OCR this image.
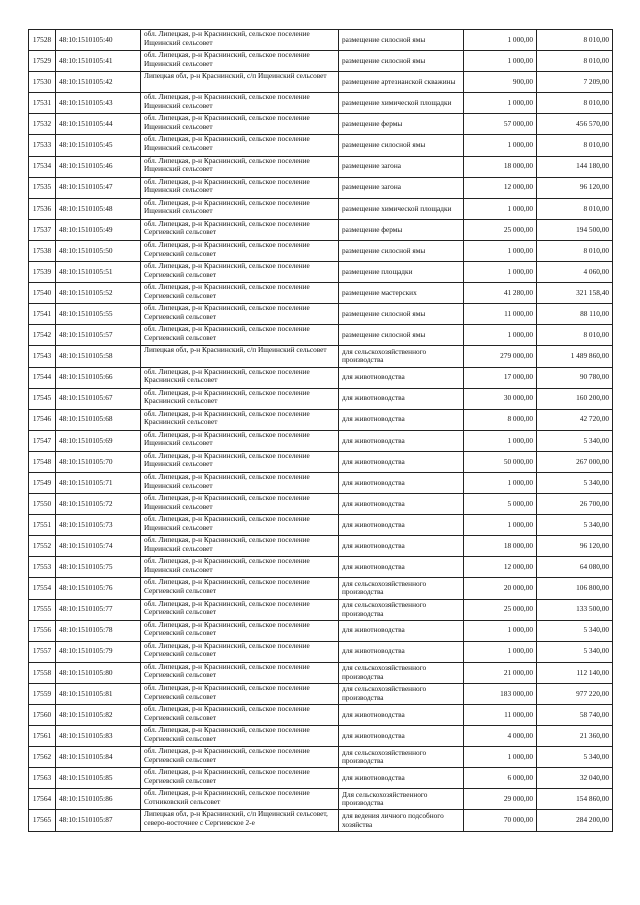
17528	48:10:1510105:40	обл. Липецкая, р-н Краснинский, сельское поселение Ищеинский сельсовет	размещение силосной ямы	1 000,00	8 010,00
17529	48:10:1510105:41	обл. Липецкая, р-н Краснинский, сельское поселение Ищеинский сельсовет	размещение силосной ямы	1 000,00	8 010,00
17530	48:10:1510105:42	Липецкая обл, р-н Краснинский, с/п Ищеинский сельсовет	размещение артезианской скважины	900,00	7 209,00
17531	48:10:1510105:43	обл. Липецкая, р-н Краснинский, сельское поселение Ищеинский сельсовет	размещение химической площадки	1 000,00	8 010,00
17532	48:10:1510105:44	обл. Липецкая, р-н Краснинский, сельское поселение Ищеинский сельсовет	размещение фермы	57 000,00	456 570,00
17533	48:10:1510105:45	обл. Липецкая, р-н Краснинский, сельское поселение Ищеинский сельсовет	размещение силосной ямы	1 000,00	8 010,00
17534	48:10:1510105:46	обл. Липецкая, р-н Краснинский, сельское поселение Ищеинский сельсовет	размещение загона	18 000,00	144 180,00
17535	48:10:1510105:47	обл. Липецкая, р-н Краснинский, сельское поселение Ищеинский сельсовет	размещение загона	12 000,00	96 120,00
17536	48:10:1510105:48	обл. Липецкая, р-н Краснинский, сельское поселение Ищеинский сельсовет	размещение химической площадки	1 000,00	8 010,00
17537	48:10:1510105:49	обл. Липецкая, р-н Краснинский, сельское поселение Сергиевский сельсовет	размещение фермы	25 000,00	194 500,00
17538	48:10:1510105:50	обл. Липецкая, р-н Краснинский, сельское поселение Сергиевский сельсовет	размещение силосной ямы	1 000,00	8 010,00
17539	48:10:1510105:51	обл. Липецкая, р-н Краснинский, сельское поселение Сергиевский сельсовет	размещение площадки	1 000,00	4 060,00
17540	48:10:1510105:52	обл. Липецкая, р-н Краснинский, сельское поселение Сергиевский сельсовет	размещение мастерских	41 280,00	321 158,40
17541	48:10:1510105:55	обл. Липецкая, р-н Краснинский, сельское поселение Сергиевский сельсовет	размещение силосной ямы	11 000,00	88 110,00
17542	48:10:1510105:57	обл. Липецкая, р-н Краснинский, сельское поселение Сергиевский сельсовет	размещение силосной ямы	1 000,00	8 010,00
17543	48:10:1510105:58	Липецкая обл, р-н Краснинский, с/п Ищеинский сельсовет	для сельскохозяйственного производства	279 000,00	1 489 860,00
17544	48:10:1510105:66	обл. Липецкая, р-н Краснинский, сельское поселение Краснинский сельсовет	для животноводства	17 000,00	90 780,00
17545	48:10:1510105:67	обл. Липецкая, р-н Краснинский, сельское поселение Краснинский сельсовет	для животноводства	30 000,00	160 200,00
17546	48:10:1510105:68	обл. Липецкая, р-н Краснинский, сельское поселение Краснинский сельсовет	для животноводства	8 000,00	42 720,00
17547	48:10:1510105:69	обл. Липецкая, р-н Краснинский, сельское поселение Ищеинский сельсовет	для животноводства	1 000,00	5 340,00
17548	48:10:1510105:70	обл. Липецкая, р-н Краснинский, сельское поселение Ищеинский сельсовет	для животноводства	50 000,00	267 000,00
17549	48:10:1510105:71	обл. Липецкая, р-н Краснинский, сельское поселение Ищеинский сельсовет	для животноводства	1 000,00	5 340,00
17550	48:10:1510105:72	обл. Липецкая, р-н Краснинский, сельское поселение Ищеинский сельсовет	для животноводства	5 000,00	26 700,00
17551	48:10:1510105:73	обл. Липецкая, р-н Краснинский, сельское поселение Ищеинский сельсовет	для животноводства	1 000,00	5 340,00
17552	48:10:1510105:74	обл. Липецкая, р-н Краснинский, сельское поселение Ищеинский сельсовет	для животноводства	18 000,00	96 120,00
17553	48:10:1510105:75	обл. Липецкая, р-н Краснинский, сельское поселение Ищеинский сельсовет	для животноводства	12 000,00	64 080,00
17554	48:10:1510105:76	обл. Липецкая, р-н Краснинский, сельское поселение Сергиевский сельсовет	для сельскохозяйственного производства	20 000,00	106 800,00
17555	48:10:1510105:77	обл. Липецкая, р-н Краснинский, сельское поселение Сергиевский сельсовет	для сельскохозяйственного производства	25 000,00	133 500,00
17556	48:10:1510105:78	обл. Липецкая, р-н Краснинский, сельское поселение Сергиевский сельсовет	для животноводства	1 000,00	5 340,00
17557	48:10:1510105:79	обл. Липецкая, р-н Краснинский, сельское поселение Сергиевский сельсовет	для животноводства	1 000,00	5 340,00
17558	48:10:1510105:80	обл. Липецкая, р-н Краснинский, сельское поселение Сергиевский сельсовет	для сельскохозяйственного производства	21 000,00	112 140,00
17559	48:10:1510105:81	обл. Липецкая, р-н Краснинский, сельское поселение Сергиевский сельсовет	для сельскохозяйственного производства	183 000,00	977 220,00
17560	48:10:1510105:82	обл. Липецкая, р-н Краснинский, сельское поселение Сергиевский сельсовет	для животноводства	11 000,00	58 740,00
17561	48:10:1510105:83	обл. Липецкая, р-н Краснинский, сельское поселение Сергиевский сельсовет	для животноводства	4 000,00	21 360,00
17562	48:10:1510105:84	обл. Липецкая, р-н Краснинский, сельское поселение Сергиевский сельсовет	для сельскохозяйственного производства	1 000,00	5 340,00
17563	48:10:1510105:85	обл. Липецкая, р-н Краснинский, сельское поселение Сергиевский сельсовет	для животноводства	6 000,00	32 040,00
17564	48:10:1510105:86	обл. Липецкая, р-н Краснинский, сельское поселение Сотниковский сельсовет	Для сельскохозяйственного производства	29 000,00	154 860,00
17565	48:10:1510105:87	Липецкая обл, р-н Краснинский, с/п Ищеинский сельсовет, северо-восточнее с Сергиевское 2-е	для ведения личного подсобного хозяйства	70 000,00	284 200,00
